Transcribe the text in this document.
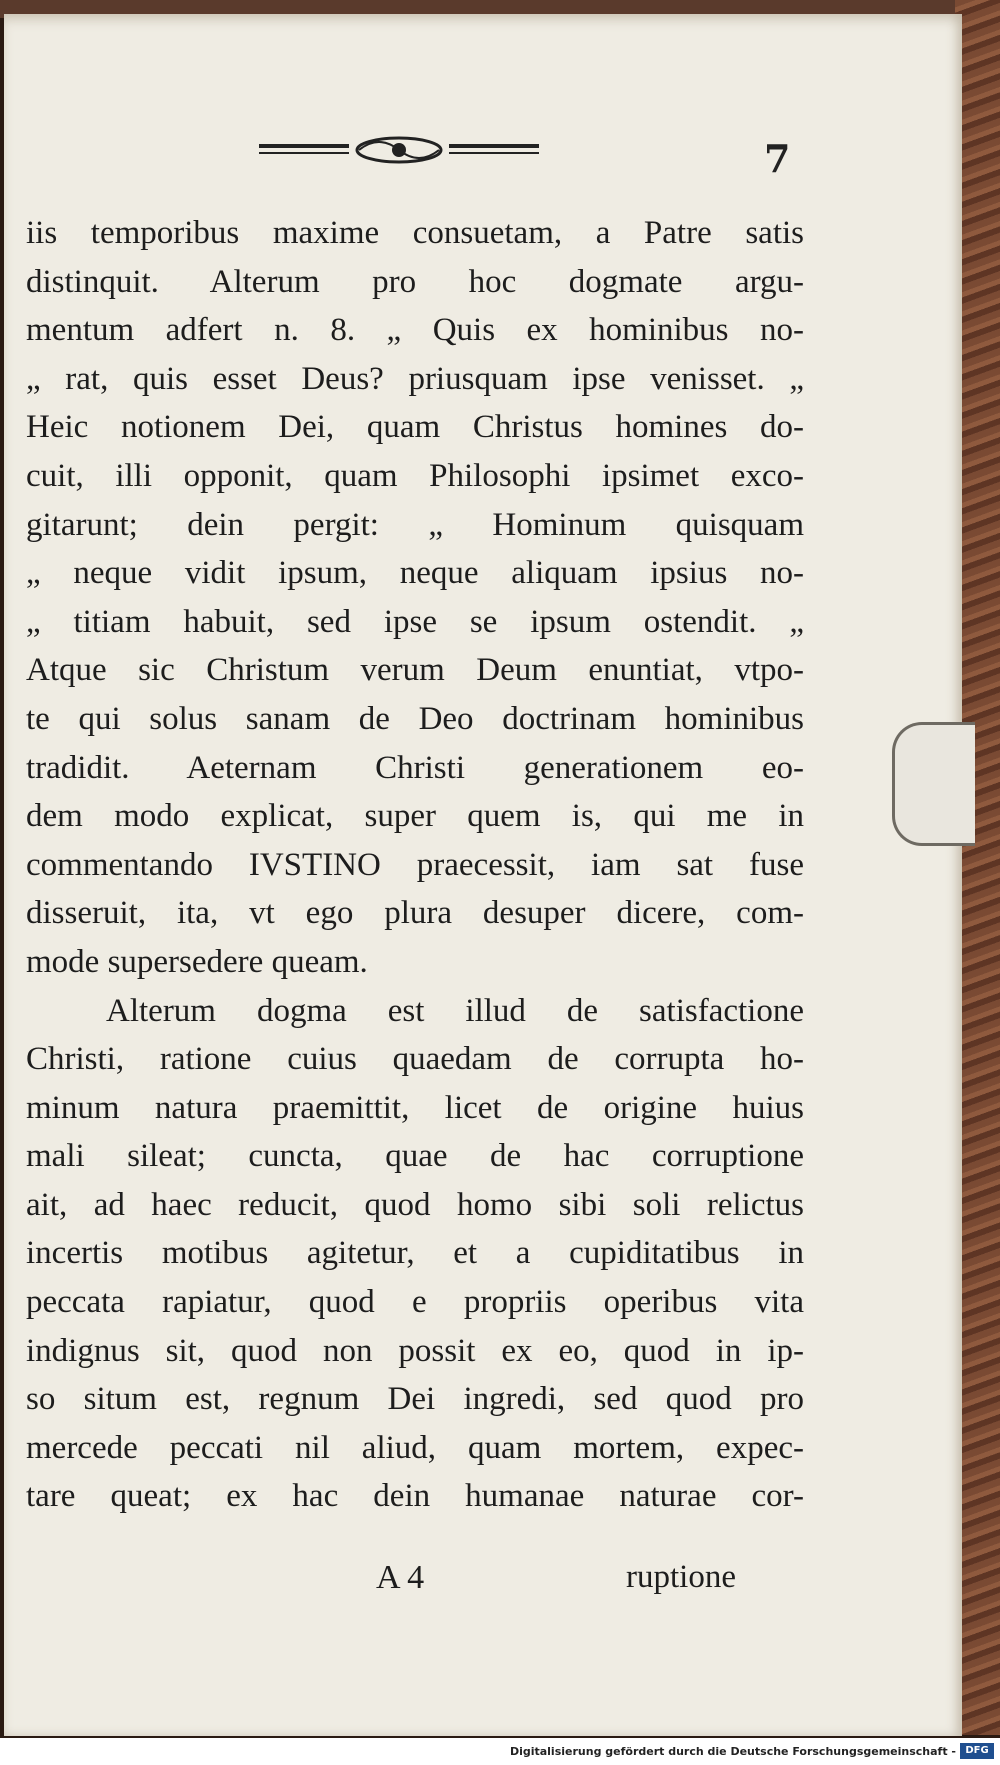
7
iis temporibus maxime consuetam, a Patre satis
distinquit. Alterum pro hoc dogmate argu-
mentum adfert n. 8. „ Quis ex hominibus no-
„ rat, quis esset Deus? priusquam ipse venisset. „
Heic notionem Dei, quam Christus homines do-
cuit, illi opponit, quam Philosophi ipsimet exco-
gitarunt; dein pergit: „ Hominum quisquam
„ neque vidit ipsum, neque aliquam ipsius no-
„ titiam habuit, sed ipse se ipsum ostendit. „
Atque sic Christum verum Deum enuntiat, vtpo-
te qui solus sanam de Deo doctrinam hominibus
tradidit. Aeternam Christi generationem eo-
dem modo explicat, super quem is, qui me in
commentando IVSTINO praecessit, iam sat fuse
disseruit, ita, vt ego plura desuper dicere, com-
mode supersedere queam.
Alterum dogma est illud de satisfactione
Christi, ratione cuius quaedam de corrupta ho-
minum natura praemittit, licet de origine huius
mali sileat; cuncta, quae de hac corruptione
ait, ad haec reducit, quod homo sibi soli relictus
incertis motibus agitetur, et a cupiditatibus in
peccata rapiatur, quod e propriis operibus vita
indignus sit, quod non possit ex eo, quod in ip-
so situm est, regnum Dei ingredi, sed quod pro
mercede peccati nil aliud, quam mortem, expec-
tare queat; ex hac dein humanae naturae cor-
A 4	ruptione
Digitalisierung gefördert durch die Deutsche Forschungsgemeinschaft - DFG
